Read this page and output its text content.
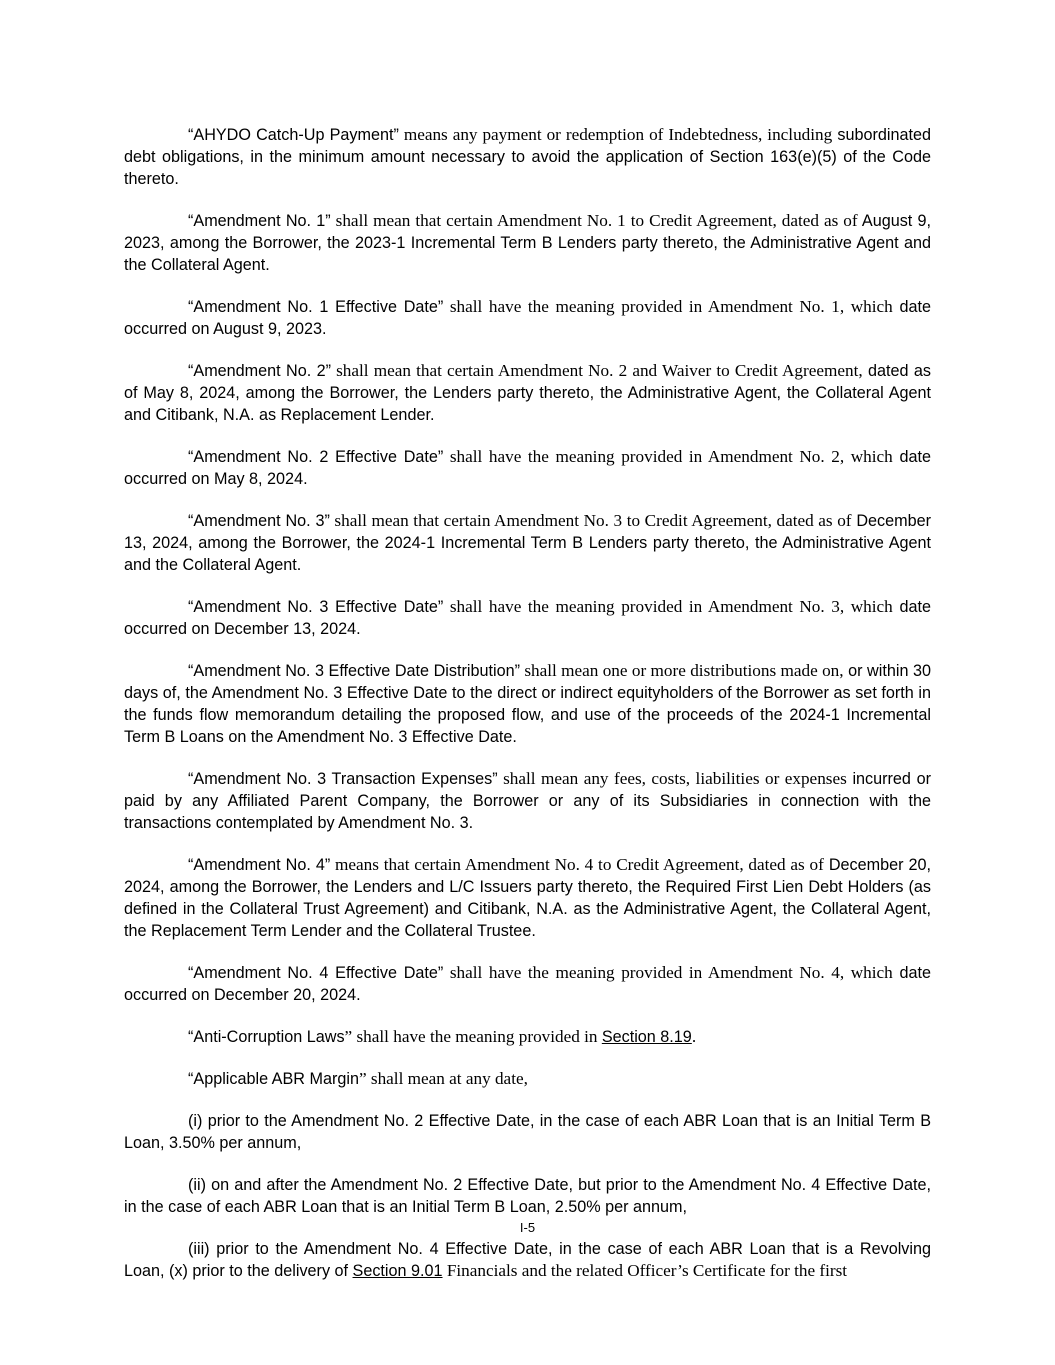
“AHYDO Catch-Up Payment” means any payment or redemption of Indebtedness, including subordinated debt obligations, in the minimum amount necessary to avoid the application of Section 163(e)(5) of the Code thereto.

“Amendment No. 1” shall mean that certain Amendment No. 1 to Credit Agreement, dated as of August 9, 2023, among the Borrower, the 2023-1 Incremental Term B Lenders party thereto, the Administrative Agent and the Collateral Agent.

“Amendment No. 1 Effective Date” shall have the meaning provided in Amendment No. 1, which date occurred on August 9, 2023.

“Amendment No. 2” shall mean that certain Amendment No. 2 and Waiver to Credit Agreement, dated as of May 8, 2024, among the Borrower, the Lenders party thereto, the Administrative Agent, the Collateral Agent and Citibank, N.A. as Replacement Lender.

“Amendment No. 2 Effective Date” shall have the meaning provided in Amendment No. 2, which date occurred on May 8, 2024.

“Amendment No. 3” shall mean that certain Amendment No. 3 to Credit Agreement, dated as of December 13, 2024, among the Borrower, the 2024-1 Incremental Term B Lenders party thereto, the Administrative Agent and the Collateral Agent.

“Amendment No. 3 Effective Date” shall have the meaning provided in Amendment No. 3, which date occurred on December 13, 2024.

“Amendment No. 3 Effective Date Distribution” shall mean one or more distributions made on, or within 30 days of, the Amendment No. 3 Effective Date to the direct or indirect equityholders of the Borrower as set forth in the funds flow memorandum detailing the proposed flow, and use of the proceeds of the 2024-1 Incremental Term B Loans on the Amendment No. 3 Effective Date.

“Amendment No. 3 Transaction Expenses” shall mean any fees, costs, liabilities or expenses incurred or paid by any Affiliated Parent Company, the Borrower or any of its Subsidiaries in connection with the transactions contemplated by Amendment No. 3.

“Amendment No. 4” means that certain Amendment No. 4 to Credit Agreement, dated as of December 20, 2024, among the Borrower, the Lenders and L/C Issuers party thereto, the Required First Lien Debt Holders (as defined in the Collateral Trust Agreement) and Citibank, N.A. as the Administrative Agent, the Collateral Agent, the Replacement Term Lender and the Collateral Trustee.

“Amendment No. 4 Effective Date” shall have the meaning provided in Amendment No. 4, which date occurred on December 20, 2024.

“Anti-Corruption Laws” shall have the meaning provided in Section 8.19.

“Applicable ABR Margin” shall mean at any date,

(i) prior to the Amendment No. 2 Effective Date, in the case of each ABR Loan that is an Initial Term B Loan, 3.50% per annum,

(ii) on and after the Amendment No. 2 Effective Date, but prior to the Amendment No. 4 Effective Date, in the case of each ABR Loan that is an Initial Term B Loan, 2.50% per annum,

(iii) prior to the Amendment No. 4 Effective Date, in the case of each ABR Loan that is a Revolving Loan, (x) prior to the delivery of Section 9.01 Financials and the related Officer’s Certificate for the first

I-5
